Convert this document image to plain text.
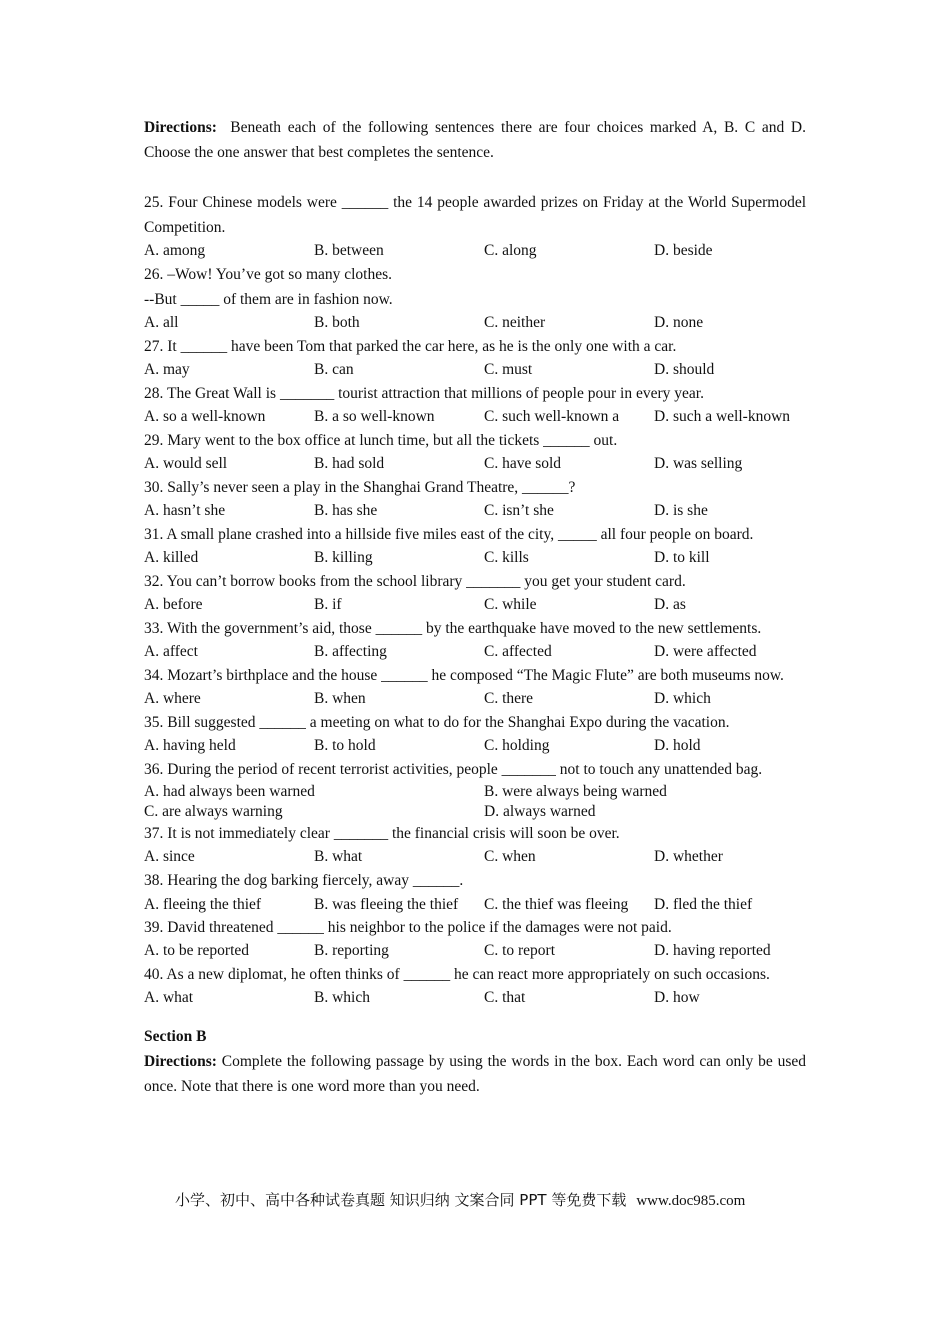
Directions: Beneath each of the following sentences there are four choices marked A, B. C and D. Choose the one answer that best completes the sentence.
25. Four Chinese models were ______ the 14 people awarded prizes on Friday at the World Supermodel Competition.
A. among	B. between	C. along	D. beside
26. –Wow! You’ve got so many clothes.
--But _____ of them are in fashion now.
A. all	B. both	C. neither	D. none
27. It ______ have been Tom that parked the car here, as he is the only one with a car.
A. may	B. can	C. must	D. should
28. The Great Wall is _______ tourist attraction that millions of people pour in every year.
A. so a well-known	B. a so well-known	C. such well-known a	D. such a well-known
29. Mary went to the box office at lunch time, but all the tickets ______ out.
A. would sell	B. had sold	C. have sold	D. was selling
30. Sally’s never seen a play in the Shanghai Grand Theatre, ______?
A. hasn’t she	B. has she	C. isn’t she	D. is she
31. A small plane crashed into a hillside five miles east of the city, _____ all four people on board.
A. killed	B. killing	C. kills	D. to kill
32. You can’t borrow books from the school library _______ you get your student card.
A. before	B. if	C. while	D. as
33. With the government’s aid, those ______ by the earthquake have moved to the new settlements.
A. affect	B. affecting	C. affected	D. were affected
34. Mozart’s birthplace and the house ______ he composed “The Magic Flute” are both museums now.
A. where	B. when	C. there	D. which
35. Bill suggested ______ a meeting on what to do for the Shanghai Expo during the vacation.
A. having held	B. to hold	C. holding	D. hold
36. During the period of recent terrorist activities, people _______ not to touch any unattended bag.
A. had always been warned	B. were always being warned
C. are always warning	D. always warned
37. It is not immediately clear _______ the financial crisis will soon be over.
A. since	B. what	C. when	D. whether
38. Hearing the dog barking fiercely, away ______.
A. fleeing the thief	B. was fleeing the thief	C. the thief was fleeing	D. fled the thief
39. David threatened ______ his neighbor to the police if the damages were not paid.
A. to be reported	B. reporting	C. to report	D. having reported
40. As a new diplomat, he often thinks of ______ he can react more appropriately on such occasions.
A. what	B. which	C. that	D. how
Section B
Directions: Complete the following passage by using the words in the box. Each word can only be used once. Note that there is one word more than you need.
小学、初中、高中各种试卷真题 知识归纳 文案合同 PPT 等免费下载 www.doc985.com
